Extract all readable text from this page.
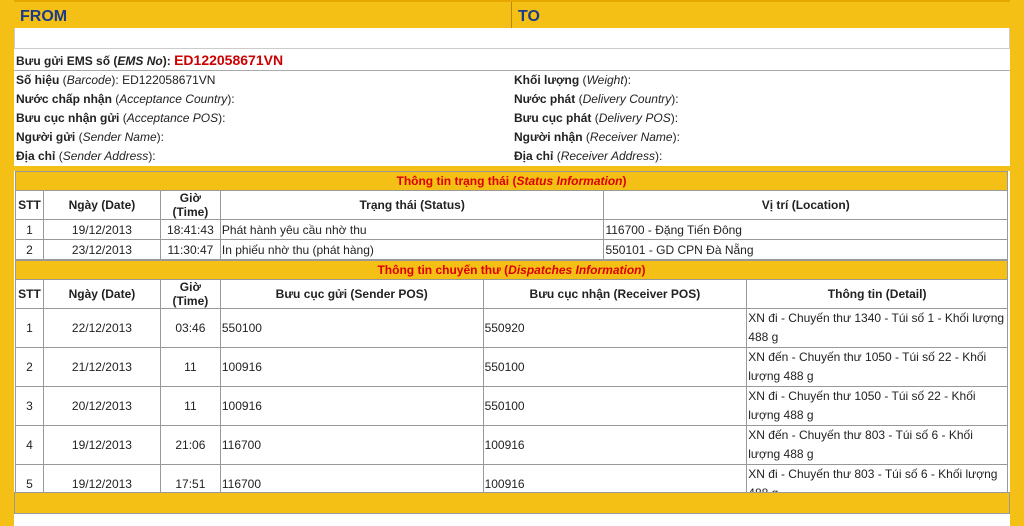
FROM	TO
Bưu gửi EMS số (EMS No): ED122058671VN
Số hiệu (Barcode): ED122058671VN
Nước chấp nhận (Acceptance Country):
Bưu cục nhận gửi (Acceptance POS):
Người gửi (Sender Name):
Địa chỉ (Sender Address):
Khối lượng (Weight):
Nước phát (Delivery Country):
Bưu cục phát (Delivery POS):
Người nhận (Receiver Name):
Địa chỉ (Receiver Address):
Thông tin trạng thái (Status Information)				
STT	Ngày (Date)	Giờ (Time)	Trạng thái (Status)	Vị trí (Location)
1	19/12/2013	18:41:43	Phát hành yêu cầu nhờ thu	116700 - Đặng Tiến Đông
2	23/12/2013	11:30:47	In phiếu nhờ thu (phát hàng)	550101 - GD CPN Đà Nẵng
Thông tin chuyến thư (Dispatches Information)					
STT	Ngày (Date)	Giờ (Time)	Bưu cục gửi (Sender POS)	Bưu cục nhận (Receiver POS)	Thông tin (Detail)
1	22/12/2013	03:46	550100	550920	XN đi - Chuyến thư 1340 - Túi số 1 - Khối lượng 488 g
2	21/12/2013	11	100916	550100	XN đến - Chuyến thư 1050 - Túi số 22 - Khối lượng 488 g
3	20/12/2013	11	100916	550100	XN đi - Chuyến thư 1050 - Túi số 22 - Khối lượng 488 g
4	19/12/2013	21:06	116700	100916	XN đến - Chuyến thư 803 - Túi số 6 - Khối lượng 488 g
5	19/12/2013	17:51	116700	100916	XN đi - Chuyến thư 803 - Túi số 6 - Khối lượng
